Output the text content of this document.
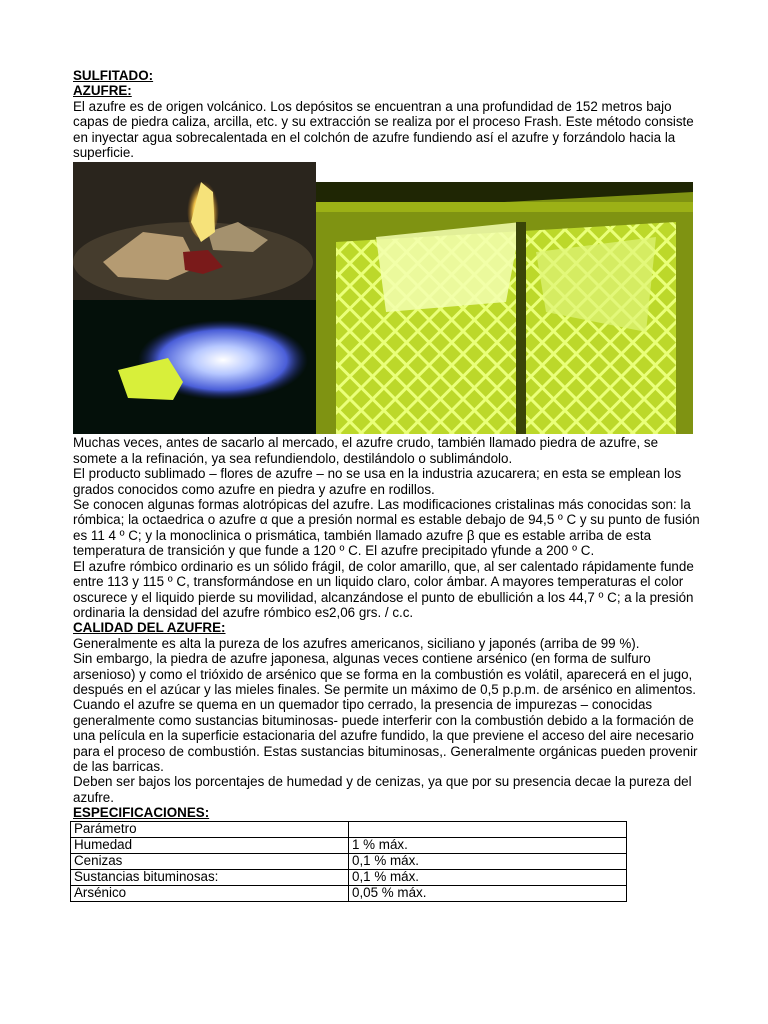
SULFITADO:
AZUFRE:

El azufre es de origen volcánico. Los depósitos se encuentran a una profundidad de 152 metros bajo capas de piedra caliza, arcilla, etc. y su extracción se realiza por el proceso Frash. Este método consiste en inyectar agua sobrecalentada en el colchón de azufre fundiendo así el azufre y forzándolo hacia la superficie.

Muchas veces, antes de sacarlo al mercado, el azufre crudo, también llamado piedra de azufre, se somete a la refinación, ya sea refundiendolo, destilándolo o sublimándolo.

El producto sublimado – flores de azufre – no se usa en la industria azucarera; en esta se emplean los grados conocidos como azufre en piedra y azufre en rodillos.

Se conocen algunas formas alotrópicas del azufre. Las modificaciones cristalinas más conocidas son: la rómbica; la octaedrica o azufre α que a presión normal es estable debajo de 94,5 º C y su punto de fusión es 11 4 º C; y la monoclinica o prismática, también llamado azufre β que es estable arriba de esta temperatura de transición y que funde a 120 º C. El azufre precipitado γfunde a 200 º C.

El azufre rómbico ordinario es un sólido frágil, de color amarillo, que, al ser calentado rápidamente funde entre 113 y 115 º C, transformándose en un liquido claro, color ámbar. A mayores temperaturas el color oscurece y el liquido pierde su movilidad, alcanzándose el punto de ebullición a los 44,7 º C; a la presión ordinaria la densidad del azufre rómbico es2,06 grs. / c.c.

CALIDAD DEL AZUFRE:

Generalmente es alta la pureza de los azufres americanos, siciliano y japonés (arriba de 99 %).

Sin embargo, la piedra de azufre japonesa, algunas veces contiene arsénico (en forma de sulfuro arsenioso) y como el trióxido de arsénico que se forma en la combustión es volátil, aparecerá en el jugo, después en el azúcar y las mieles finales. Se permite un máximo de 0,5 p.p.m. de arsénico en alimentos.

Cuando el azufre se quema en un quemador tipo cerrado, la presencia de impurezas – conocidas generalmente como sustancias bituminosas- puede interferir con la combustión debido a la formación de una película en la superficie estacionaria del azufre fundido, la que previene el acceso del aire necesario para el proceso de combustión. Estas sustancias bituminosas,. Generalmente orgánicas pueden provenir de las barricas.

Deben ser bajos los porcentajes de humedad y de cenizas, ya que por su presencia decae la pureza del azufre.

ESPECIFICACIONES:
Parámetro	
Humedad	1 % máx.
Cenizas	0,1 % máx.
Sustancias bituminosas:	0,1 % máx.
Arsénico	0,05 % máx.
